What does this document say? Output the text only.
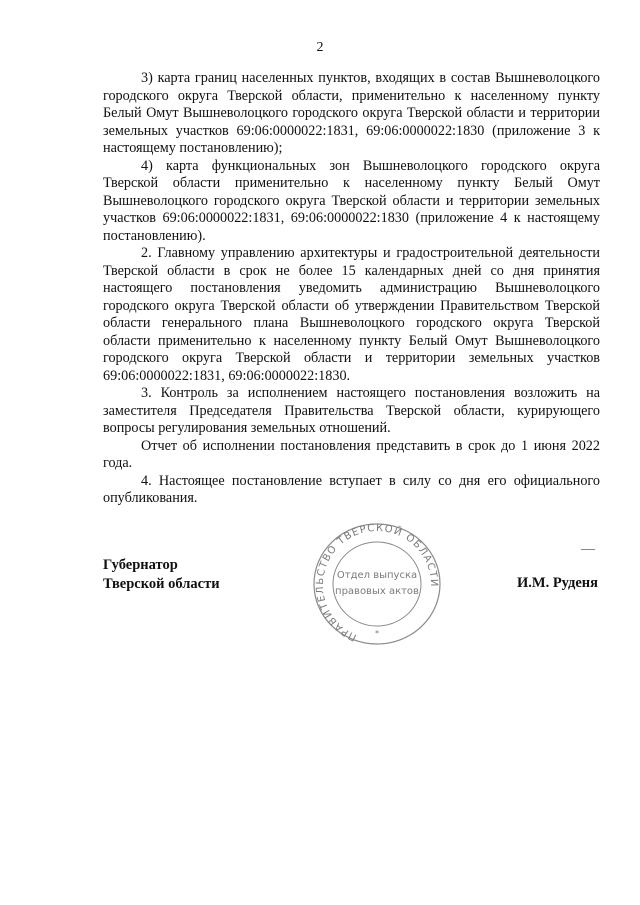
2

3) карта границ населенных пунктов, входящих в состав Вышневолоцкого городского округа Тверской области, применительно к населенному пункту Белый Омут Вышневолоцкого городского округа Тверской области и территории земельных участков 69:06:0000022:1831, 69:06:0000022:1830 (приложение 3 к настоящему постановлению);

4) карта функциональных зон Вышневолоцкого городского округа Тверской области применительно к населенному пункту Белый Омут Вышневолоцкого городского округа Тверской области и территории земельных участков 69:06:0000022:1831, 69:06:0000022:1830 (приложение 4 к настоящему постановлению).

2. Главному управлению архитектуры и градостроительной деятельности Тверской области в срок не более 15 календарных дней со дня принятия настоящего постановления уведомить администрацию Вышневолоцкого городского округа Тверской области об утверждении Правительством Тверской области генерального плана Вышневолоцкого городского округа Тверской области применительно к населенному пункту Белый Омут Вышневолоцкого городского округа Тверской области и территории земельных участков 69:06:0000022:1831, 69:06:0000022:1830.

3. Контроль за исполнением настоящего постановления возложить на заместителя Председателя Правительства Тверской области, курирующего вопросы регулирования земельных отношений.

Отчет об исполнении постановления представить в срок до 1 июня 2022 года.

4. Настоящее постановление вступает в силу со дня его официального опубликования.

Губернатор
Тверской области	И.М. Руденя
ПРАВИТЕЛЬСТВО ТВЕРСКОЙ ОБЛАСТИ
Отдел выпуска
правовых актов
*
